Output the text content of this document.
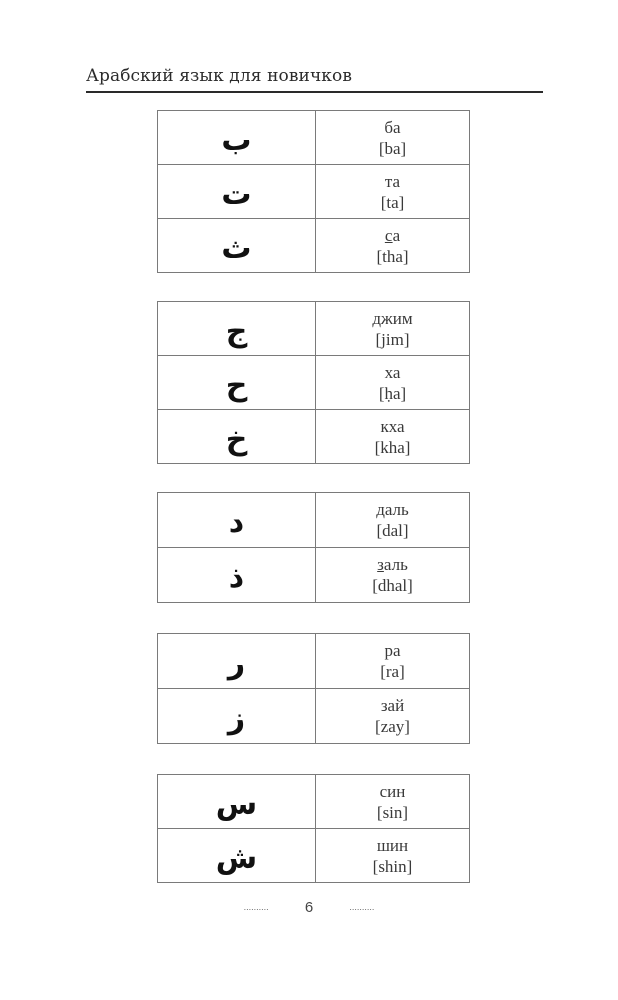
Арабский язык для новичков
ب	ба
[ba]

ت	та
[ta]

ث	са
[tha]
ج	джим
[jim]

ح	ха
[ḥa]

خ	кха
[kha]
د	даль
[dal]

ذ	заль
[dhal]
ر	ра
[ra]

ز	зай
[zay]
س	син
[sin]

ش	шин
[shin]
.......... 6	..........
